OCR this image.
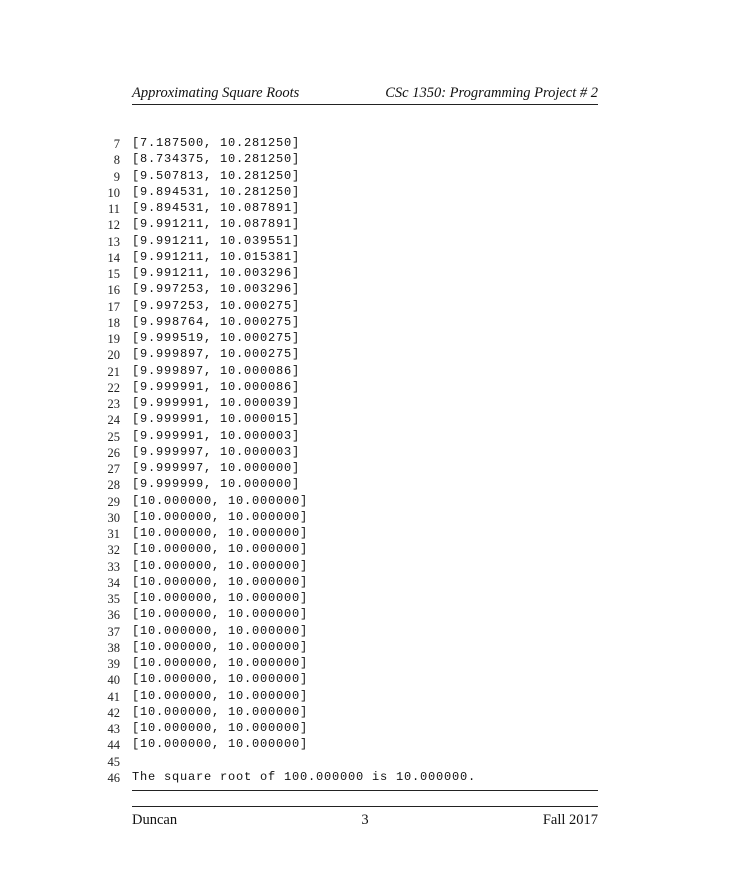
Approximating Square Roots	CSc 1350: Programming Project # 2
7 [7.187500, 10.281250]
8 [8.734375, 10.281250]
9 [9.507813, 10.281250]
10 [9.894531, 10.281250]
11 [9.894531, 10.087891]
12 [9.991211, 10.087891]
13 [9.991211, 10.039551]
14 [9.991211, 10.015381]
15 [9.991211, 10.003296]
16 [9.997253, 10.003296]
17 [9.997253, 10.000275]
18 [9.998764, 10.000275]
19 [9.999519, 10.000275]
20 [9.999897, 10.000275]
21 [9.999897, 10.000086]
22 [9.999991, 10.000086]
23 [9.999991, 10.000039]
24 [9.999991, 10.000015]
25 [9.999991, 10.000003]
26 [9.999997, 10.000003]
27 [9.999997, 10.000000]
28 [9.999999, 10.000000]
29 [10.000000, 10.000000]
30 [10.000000, 10.000000]
31 [10.000000, 10.000000]
32 [10.000000, 10.000000]
33 [10.000000, 10.000000]
34 [10.000000, 10.000000]
35 [10.000000, 10.000000]
36 [10.000000, 10.000000]
37 [10.000000, 10.000000]
38 [10.000000, 10.000000]
39 [10.000000, 10.000000]
40 [10.000000, 10.000000]
41 [10.000000, 10.000000]
42 [10.000000, 10.000000]
43 [10.000000, 10.000000]
44 [10.000000, 10.000000]
45
46 The square root of 100.000000 is 10.000000.
Duncan	3	Fall 2017
